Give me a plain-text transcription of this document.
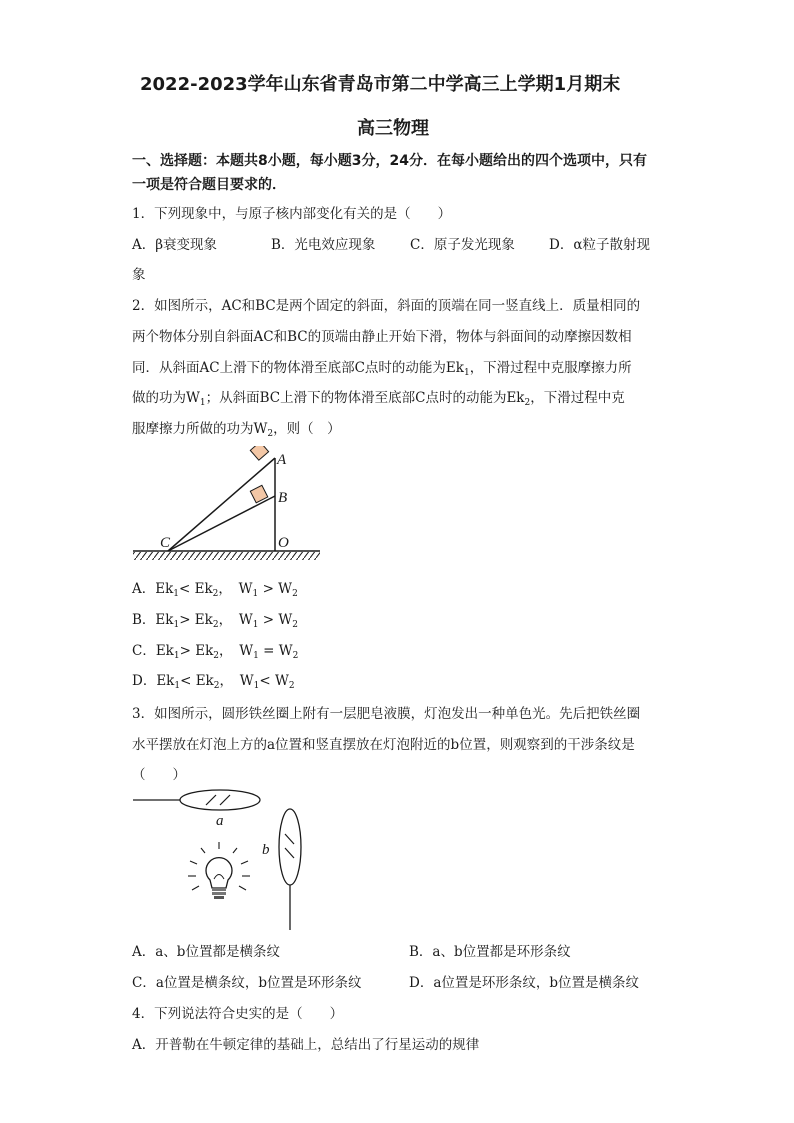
2022-2023学年山东省青岛市第二中学高三上学期1月期末
高三物理
一、选择题：本题共8小题，每小题3分，24分．在每小题给出的四个选项中，只有
一项是符合题目要求的．
1．下列现象中，与原子核内部变化有关的是（　　）
A．β衰变现象	B．光电效应现象	C．原子发光现象	D．α粒子散射现
象
2．如图所示，AC和BC是两个固定的斜面，斜面的顶端在同一竖直线上．质量相同的
两个物体分别自斜面AC和BC的顶端由静止开始下滑，物体与斜面间的动摩擦因数相
同．从斜面AC上滑下的物体滑至底部C点时的动能为$Ek_1$，下滑过程中克服摩擦力所
做的功为$W_1$；从斜面BC上滑下的物体滑至底部C点时的动能为$Ek_2$，下滑过程中克
服摩擦力所做的功为$W_2$，则（　）
A
B
C	O
A．$Ek_1< Ek_2$，　$W_1 > W_2$
B．$Ek_1> Ek_2$，　$W_1 > W_2$
C．$Ek_1> Ek_2$，　$W_1 = W_2$
D．$Ek_1< Ek_2$，　$W_1< W_2$
3．如图所示，圆形铁丝圈上附有一层肥皂液膜，灯泡发出一种单色光。先后把铁丝圈
水平摆放在灯泡上方的a位置和竖直摆放在灯泡附近的b位置，则观察到的干涉条纹是
（　　）
a
b
A．a、b位置都是横条纹	B．a、b位置都是环形条纹
C．a位置是横条纹，b位置是环形条纹	D．a位置是环形条纹，b位置是横条纹
4．下列说法符合史实的是（　　）
A．开普勒在牛顿定律的基础上，总结出了行星运动的规律
